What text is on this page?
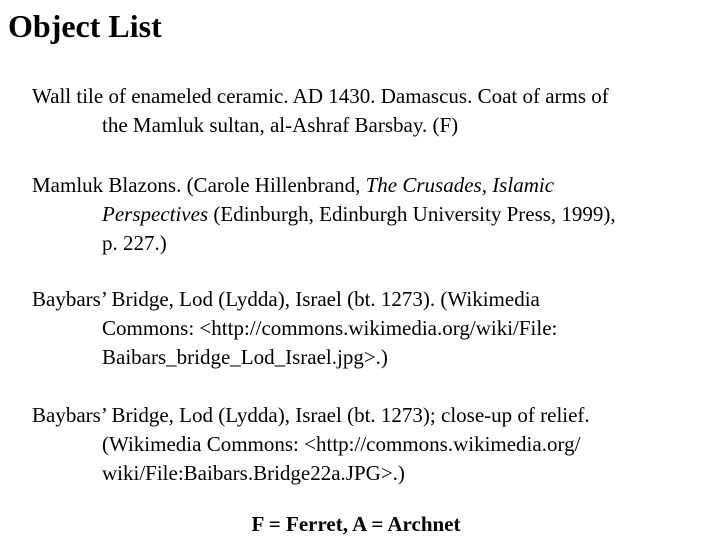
Object List

Wall tile of enameled ceramic. AD 1430. Damascus. Coat of arms of
the Mamluk sultan, al-Ashraf Barsbay. (F)

Mamluk Blazons. (Carole Hillenbrand, The Crusades, Islamic
Perspectives (Edinburgh, Edinburgh University Press, 1999),
p. 227.)

Baybars’ Bridge, Lod (Lydda), Israel (bt. 1273). (Wikimedia
Commons: <http://commons.wikimedia.org/wiki/File:
Baibars_bridge_Lod_Israel.jpg>.)

Baybars’ Bridge, Lod (Lydda), Israel (bt. 1273); close-up of relief.
(Wikimedia Commons: <http://commons.wikimedia.org/
wiki/File:Baibars.Bridge22a.JPG>.)

F = Ferret, A = Archnet
